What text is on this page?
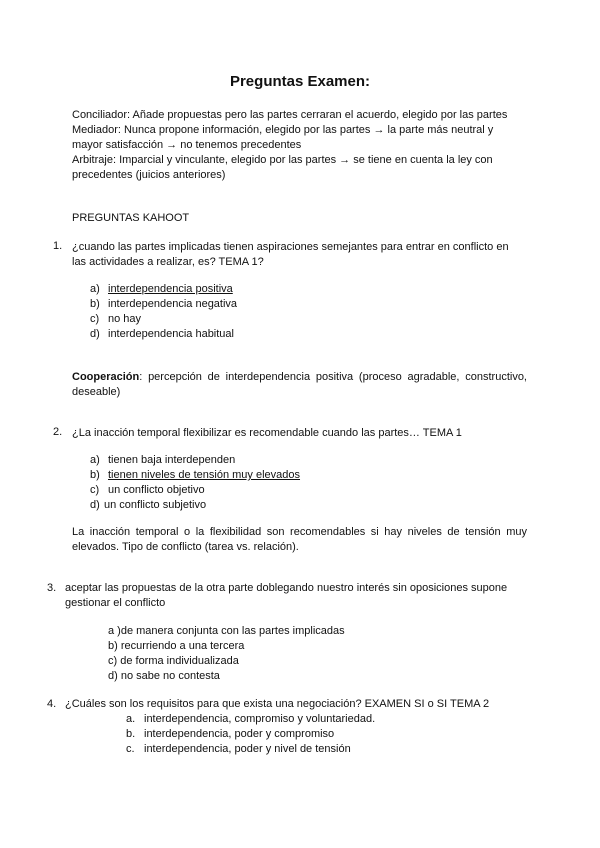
Preguntas Examen:
Conciliador: Añade propuestas pero las partes cerraran el acuerdo, elegido por las partes
Mediador: Nunca propone información, elegido por las partes → la parte más neutral y
mayor satisfacción → no tenemos precedentes
Arbitraje: Imparcial y vinculante, elegido por las partes → se tiene en cuenta la ley con
precedentes (juicios anteriores)
PREGUNTAS KAHOOT
1. ¿cuando las partes implicadas tienen aspiraciones semejantes para entrar en conflicto en
las actividades a realizar, es? TEMA 1?
a) interdependencia positiva
b) interdependencia negativa
c) no hay
d) interdependencia habitual
Cooperación: percepción de interdependencia positiva (proceso agradable, constructivo,
deseable)
2. ¿La inacción temporal flexibilizar es recomendable cuando las partes… TEMA 1
a) tienen baja interdependen
b) tienen niveles de tensión muy elevados
c) un conflicto objetivo
d) un conflicto subjetivo
La inacción temporal o la flexibilidad son recomendables si hay niveles de tensión muy
elevados. Tipo de conflicto (tarea vs. relación).
3. aceptar las propuestas de la otra parte doblegando nuestro interés sin oposiciones supone
gestionar el conflicto
a )de manera conjunta con las partes implicadas
b) recurriendo a una tercera
c) de forma individualizada
d) no sabe no contesta
4. ¿Cuáles son los requisitos para que exista una negociación? EXAMEN SI o SI TEMA 2
a. interdependencia, compromiso y voluntariedad.
b. interdependencia, poder y compromiso
c. interdependencia, poder y nivel de tensión
